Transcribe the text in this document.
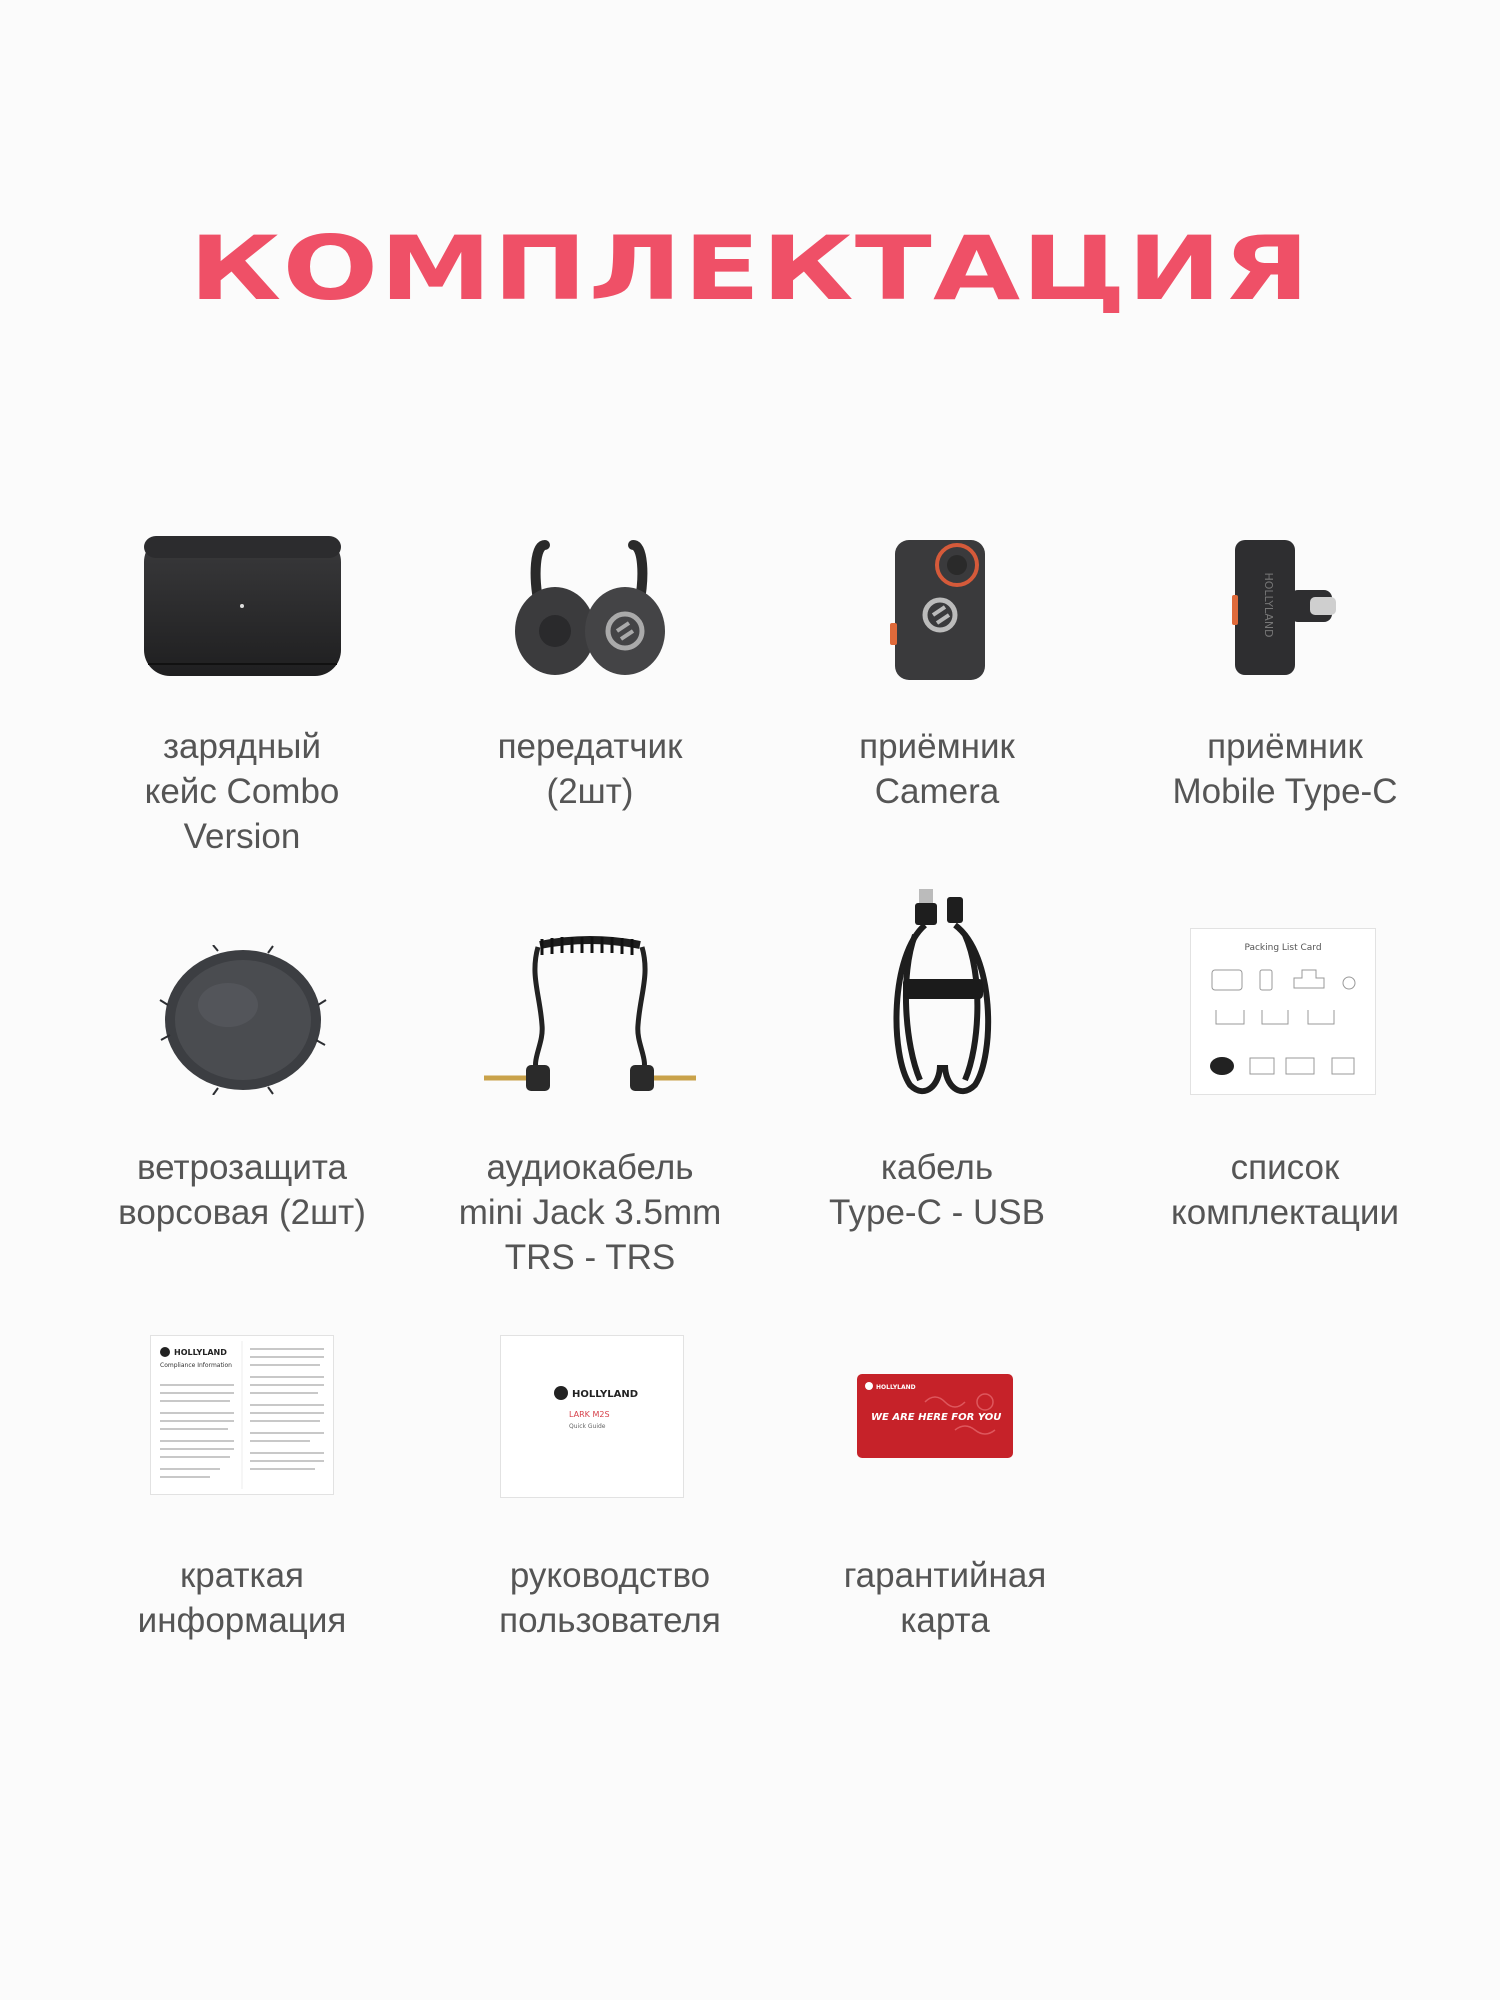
КОМПЛЕКТАЦИЯ
зарядный
кейс Combo
Version
передатчик
(2шт)
приёмник
Camera
HOLLYLAND
приёмник
Mobile Type-C
ветрозащита
ворсовая (2шт)
аудиокабель
mini Jack 3.5mm
TRS - TRS
кабель
Type-C - USB
Packing List Card
список
комплектации
HOLLYLAND
Compliance Information
краткая
информация
HOLLYLAND
LARK M2S
Quick Guide
руководство
пользователя
HOLLYLAND
WE ARE HERE FOR YOU
гарантийная
карта
